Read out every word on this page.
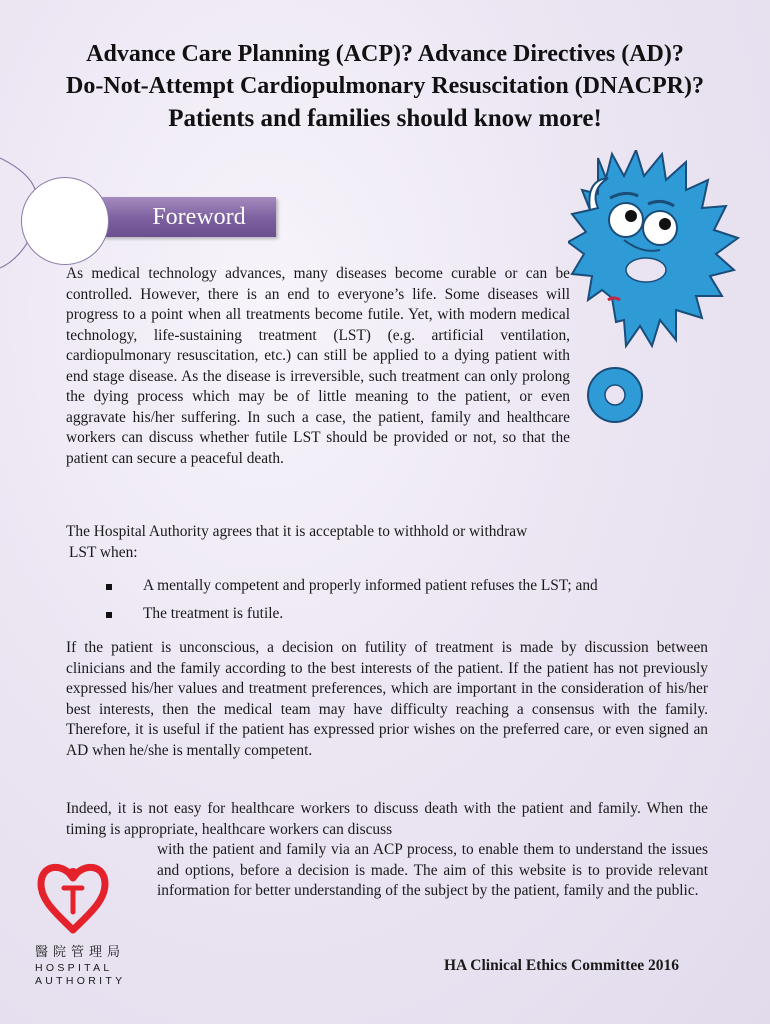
Advance Care Planning (ACP)? Advance Directives (AD)?
Do-Not-Attempt Cardiopulmonary Resuscitation (DNACPR)?
Patients and families should know more!
Foreword

As medical technology advances, many diseases become curable or can be controlled. However, there is an end to everyone’s life. Some diseases will progress to a point when all treatments become futile. Yet, with modern medical technology, life-sustaining treatment (LST) (e.g. artificial ventilation, cardiopulmonary resuscitation, etc.) can still be applied to a dying patient with end stage disease. As the disease is irreversible, such treatment can only prolong the dying process which may be of little meaning to the patient, or even aggravate his/her suffering. In such a case, the patient, family and healthcare workers can discuss whether futile LST should be provided or not, so that the patient can secure a peaceful death.

The Hospital Authority agrees that it is acceptable to withhold or withdraw
LST when:

A mentally competent and properly informed patient refuses the LST; and
The treatment is futile.

If the patient is unconscious, a decision on futility of treatment is made by discussion between clinicians and the family according to the best interests of the patient. If the patient has not previously expressed his/her values and treatment preferences, which are important in the consideration of his/her best interests, then the medical team may have difficulty reaching a consensus with the family. Therefore, it is useful if the patient has expressed prior wishes on the preferred care, or even signed an AD when he/she is mentally competent.

Indeed, it is not easy for healthcare workers to discuss death with the patient and family. When the timing is appropriate, healthcare workers can discuss
with the patient and family via an ACP process, to enable them to understand the issues and options, before a decision is made. The aim of this website is to provide relevant information for better understanding of the subject by the patient, family and the public.

醫院管理局
HOSPITAL
AUTHORITY
HA Clinical Ethics Committee 2016
